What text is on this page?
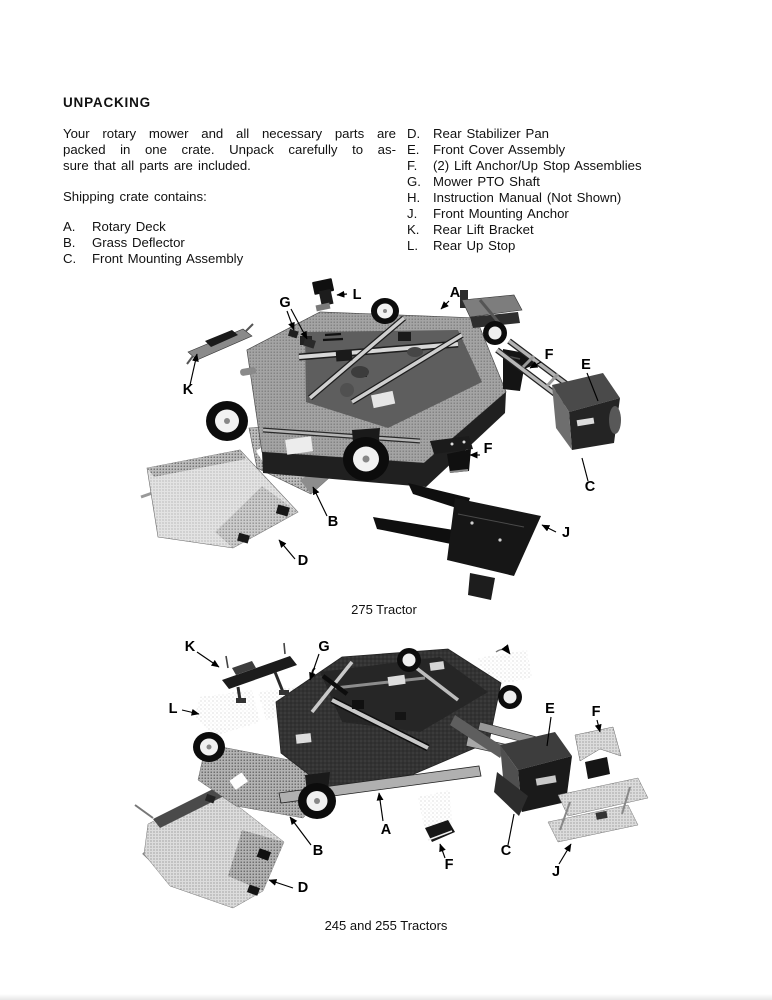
UNPACKING
Your rotary mower and all necessary parts are
packed in one crate. Unpack carefully to as-
sure that all parts are included.
Shipping crate contains:
A.	Rotary Deck
B.	Grass Deflector
C.	Front Mounting Assembly
D. Rear Stabilizer Pan
E.	Front Cover Assembly
F.	(2) Lift Anchor/Up Stop Assemblies
G. Mower PTO Shaft
H. Instruction Manual (Not Shown)
J.	Front Mounting Anchor
K.	Rear Lift Bracket
L.	Rear Up Stop
G	L	A
K
F
E
C
B
D
J
F
275 Tractor
K	G
L	E	F
C
J
A
F
B
D
245 and 255 Tractors
